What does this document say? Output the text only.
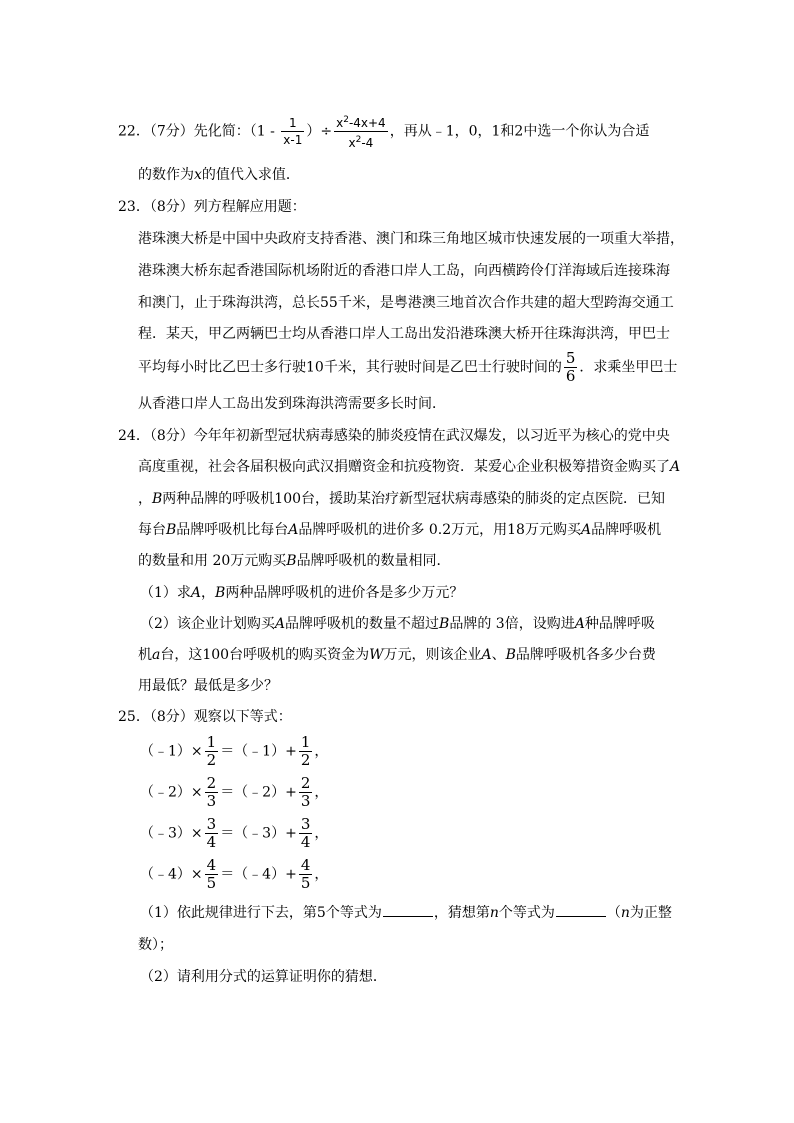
22．（7分）先化简：（$1 - \frac{1}{x-1}$ ）÷ $\frac{x^2-4x+4}{x^2-4}$ ，再从﹣1，0，1和2中选一个你认为合适
的数作为x的值代入求值．
23．（8分）列方程解应用题：
港珠澳大桥是中国中央政府支持香港、澳门和珠三角地区城市快速发展的一项重大举措，
港珠澳大桥东起香港国际机场附近的香港口岸人工岛，向西横跨伶仃洋海域后连接珠海
和澳门，止于珠海洪湾，总长55千米，是粤港澳三地首次合作共建的超大型跨海交通工
程．某天，甲乙两辆巴士均从香港口岸人工岛出发沿港珠澳大桥开往珠海洪湾，甲巴士
平均每小时比乙巴士多行驶10千米，其行驶时间是乙巴士行驶时间的 $\frac{5}{6}$ ．求乘坐甲巴士
从香港口岸人工岛出发到珠海洪湾需要多长时间．
24．（8分）今年年初新型冠状病毒感染的肺炎疫情在武汉爆发，以习近平为核心的党中央
高度重视，社会各届积极向武汉捐赠资金和抗疫物资．某爱心企业积极筹措资金购买了A
，B两种品牌的呼吸机100台，援助某治疗新型冠状病毒感染的肺炎的定点医院．已知
每台B品牌呼吸机比每台A品牌呼吸机的进价多 0.2万元，用18万元购买A品牌呼吸机
的数量和用 20万元购买B品牌呼吸机的数量相同．
（1）求A，B两种品牌呼吸机的进价各是多少万元？
（2）该企业计划购买A品牌呼吸机的数量不超过B品牌的 3倍，设购进A种品牌呼吸
机a台，这100台呼吸机的购买资金为W万元，则该企业A、B品牌呼吸机各多少台费
用最低？最低是多少？
25．（8分）观察以下等式：
（﹣1）× $\frac{1}{2}$ ＝（﹣1）+ $\frac{1}{2}$ ，
（﹣2）× $\frac{2}{3}$ ＝（﹣2）+ $\frac{2}{3}$ ，
（﹣3）× $\frac{3}{4}$ ＝（﹣3）+ $\frac{3}{4}$ ，
（﹣4）× $\frac{4}{5}$ ＝（﹣4）+ $\frac{4}{5}$ ，
（1）依此规律进行下去，第5个等式为	，猜想第n个等式为	（n为正整
数）；
（2）请利用分式的运算证明你的猜想．
